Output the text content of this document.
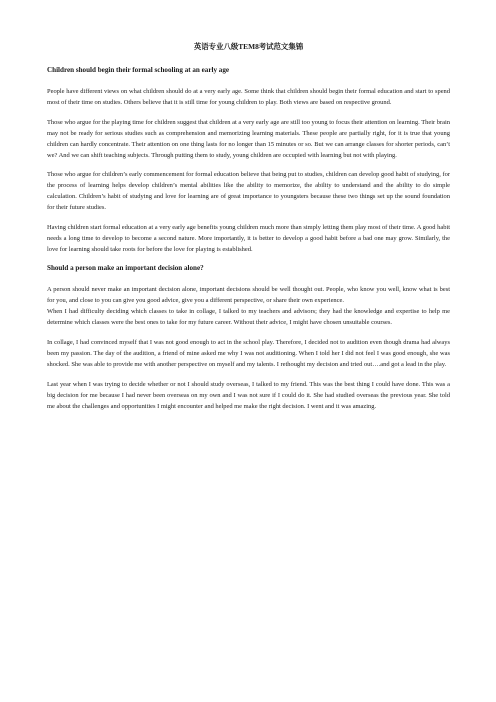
英语专业八级TEM8考试范文集锦
Children should begin their formal schooling at an early age

People have different views on what children should do at a very early age. Some think that children should begin their formal education and start to spend most of their time on studies. Others believe that it is still time for young children to play. Both views are based on respective ground.

Those who argue for the playing time for children suggest that children at a very early age are still too young to focus their attention on learning. Their brain may not be ready for serious studies such as comprehension and memorizing learning materials. These people are partially right, for it is true that young children can hardly concentrate. Their attention on one thing lasts for no longer than 15 minutes or so. But we can arrange classes for shorter periods, can’t we? And we can shift teaching subjects. Through putting them to study, young children are occupied with learning but not with playing.

Those who argue for children’s early commencement for formal education believe that being put to studies, children can develop good habit of studying, for the process of learning helps develop children’s mental abilities like the ability to memorize, the ability to understand and the ability to do simple calculation. Children’s habit of studying and love for learning are of great importance to youngsters because these two things set up the sound foundation for their future studies.

Having children start formal education at a very early age benefits young children much more than simply letting them play most of their time. A good habit needs a long time to develop to become a second nature. More importantly, it is better to develop a good habit before a bad one may grow. Similarly, the love for learning should take roots for before the love for playing is established.

Should a person make an important decision alone?

A person should never make an important decision alone, important decisions should be well thought out. People, who know you well, know what is best for you, and close to you can give you good advice, give you a different perspective, or share their own experience.

When I had difficulty deciding which classes to take in collage, I talked to my teachers and advisors; they had the knowledge and expertise to help me determine which classes were the best ones to take for my future career. Without their advice, I might have chosen unsuitable courses.

In collage, I had convinced myself that I was not good enough to act in the school play. Therefore, I decided not to audition even though drama had always been my passion. The day of the audition, a friend of mine asked me why I was not auditioning. When I told her I did not feel I was good enough, she was shocked. She was able to provide me with another perspective on myself and my talents. I rethought my decision and tried out….and got a lead in the play.

Last year when I was trying to decide whether or not I should study overseas, I talked to my friend. This was the best thing I could have done. This was a big decision for me because I had never been overseas on my own and I was not sure if I could do it. She had studied overseas the previous year. She told me about the challenges and opportunities I might encounter and helped me make the right decision. I went and it was amazing.
